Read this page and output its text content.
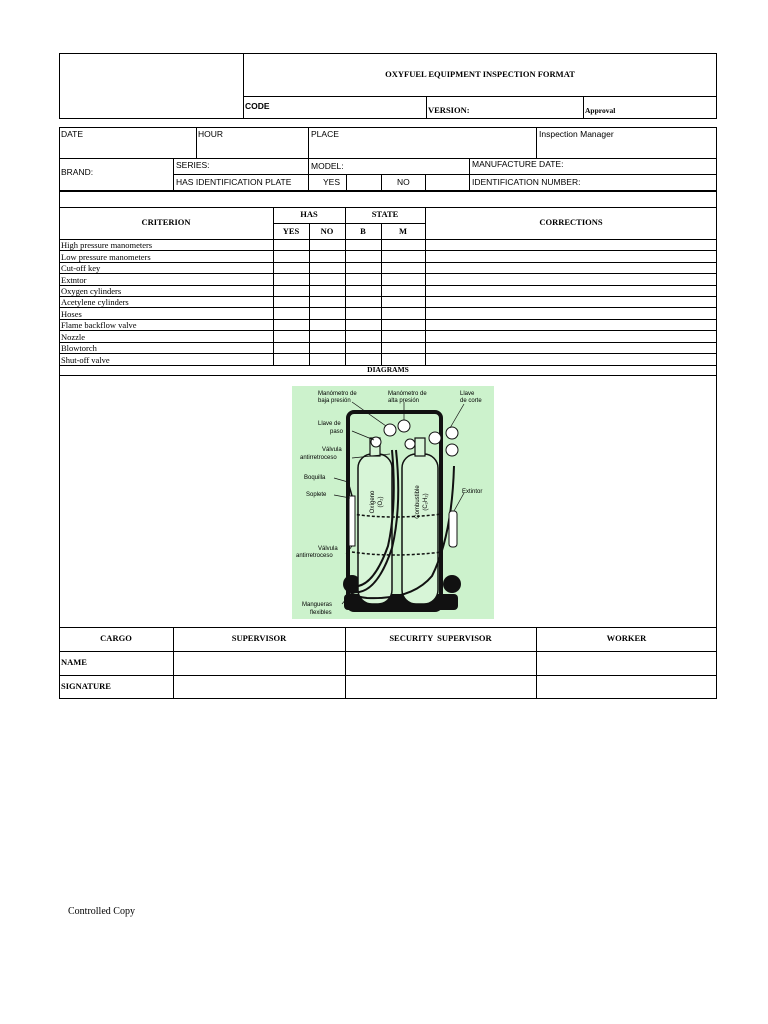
OXYFUEL EQUIPMENT INSPECTION FORMAT
CODE	VERSION:	Approval
DATE	HOUR	PLACE	Inspection Manager
BRAND:
SERIES:	MODEL:	MANUFACTURE DATE:
HAS IDENTIFICATION PLATE	YES	NO	IDENTIFICATION NUMBER:
CRITERION
HAS	STATE
CORRECTIONS
YES	NO	B	M
High pressure manometers
Low pressure manometers
Cut-off key
Extntor
Oxygen cylinders
Acetylene cylinders
Hoses
Flame backflow valve
Nozzle
Blowtorch
Shut-off valve
DIAGRAMS
Manómetro de
baja presión
Manómetro de
alta presión
Llave
de corte
Llave de
paso
Válvula
antirretroceso
Boquilla
Soplete	Extintor
Válvula
antirretroceso
Mangueras
flexibles
Oxígeno (O₂)	Combustible (C₂H₂)
CARGO	SUPERVISOR	SECURITY  SUPERVISOR	WORKER
NAME
SIGNATURE
Controlled Copy
